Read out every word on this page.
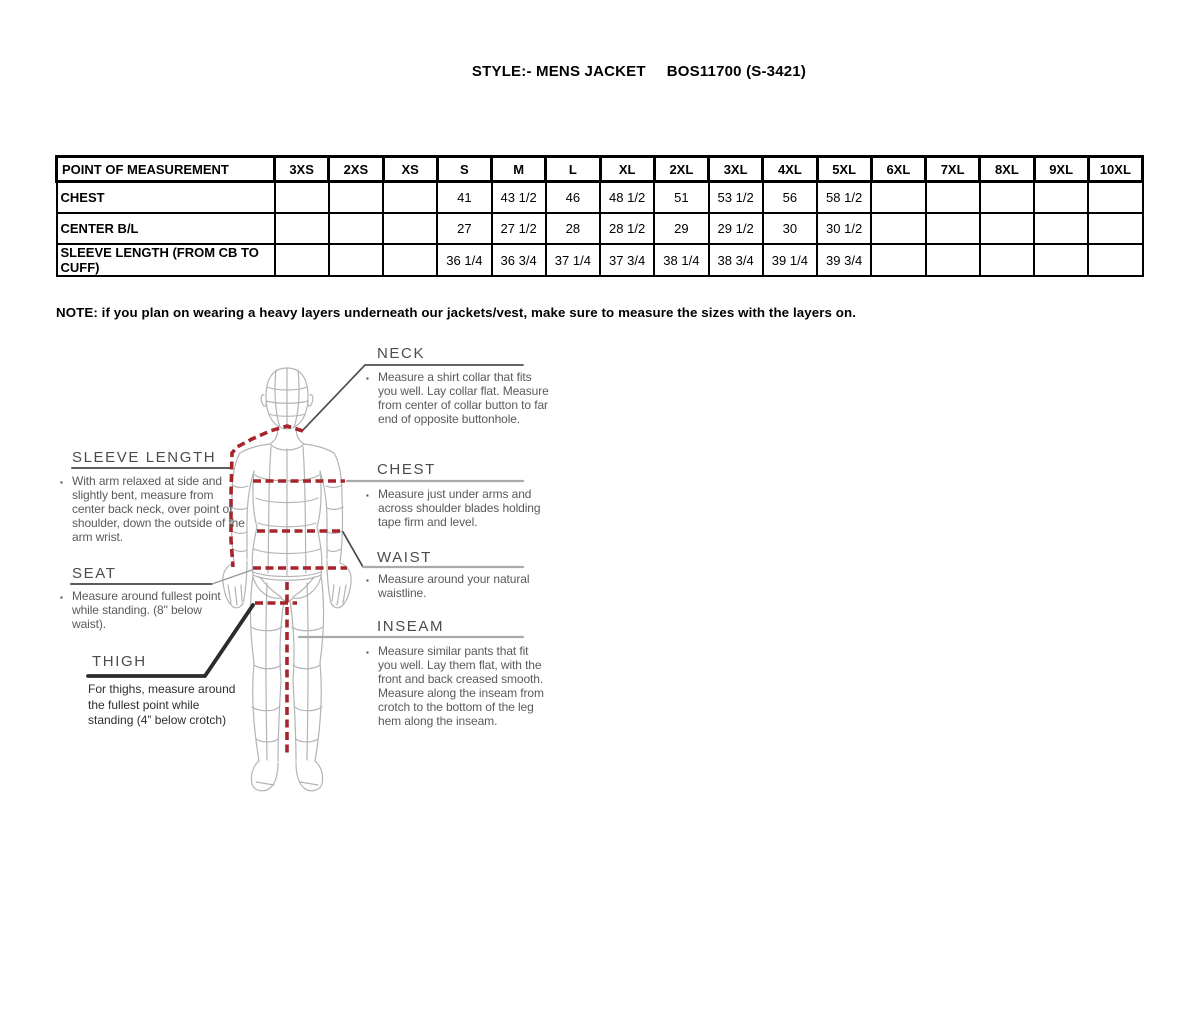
STYLE:- MENS JACKET BOS11700 (S-3421)
POINT OF MEASUREMENT	3XS	2XS	XS	S	M	L	XL	2XL	3XL	4XL	5XL	6XL	7XL	8XL	9XL	10XL
CHEST				41	43 1/2	46	48 1/2	51	53 1/2	56	58 1/2					
CENTER B/L				27	27 1/2	28	28 1/2	29	29 1/2	30	30 1/2					
SLEEVE LENGTH (FROM CB TO CUFF)				36 1/4	36 3/4	37 1/4	37 3/4	38 1/4	38 3/4	39 1/4	39 3/4					
NOTE: if you plan on wearing a heavy layers underneath our jackets/vest, make sure to measure the sizes with the layers on.
NECK
CHEST
WAIST
INSEAM
SLEEVE LENGTH
SEAT
THIGH
▪ Measure a shirt collar that fits you well. Lay collar flat. Measure from center of collar button to far end of opposite buttonhole.
▪ Measure just under arms and across shoulder blades holding tape firm and level.
▪ Measure around your natural waistline.
▪ Measure similar pants that fit you well. Lay them flat, with the front and back creased smooth. Measure along the inseam from crotch to the bottom of the leg hem along the inseam.
▪ With arm relaxed at side and slightly bent, measure from center back neck, over point of shoulder, down the outside of the arm wrist.
▪ Measure around fullest point while standing. (8" below waist).
For thighs, measure around the fullest point while standing (4” below crotch)
